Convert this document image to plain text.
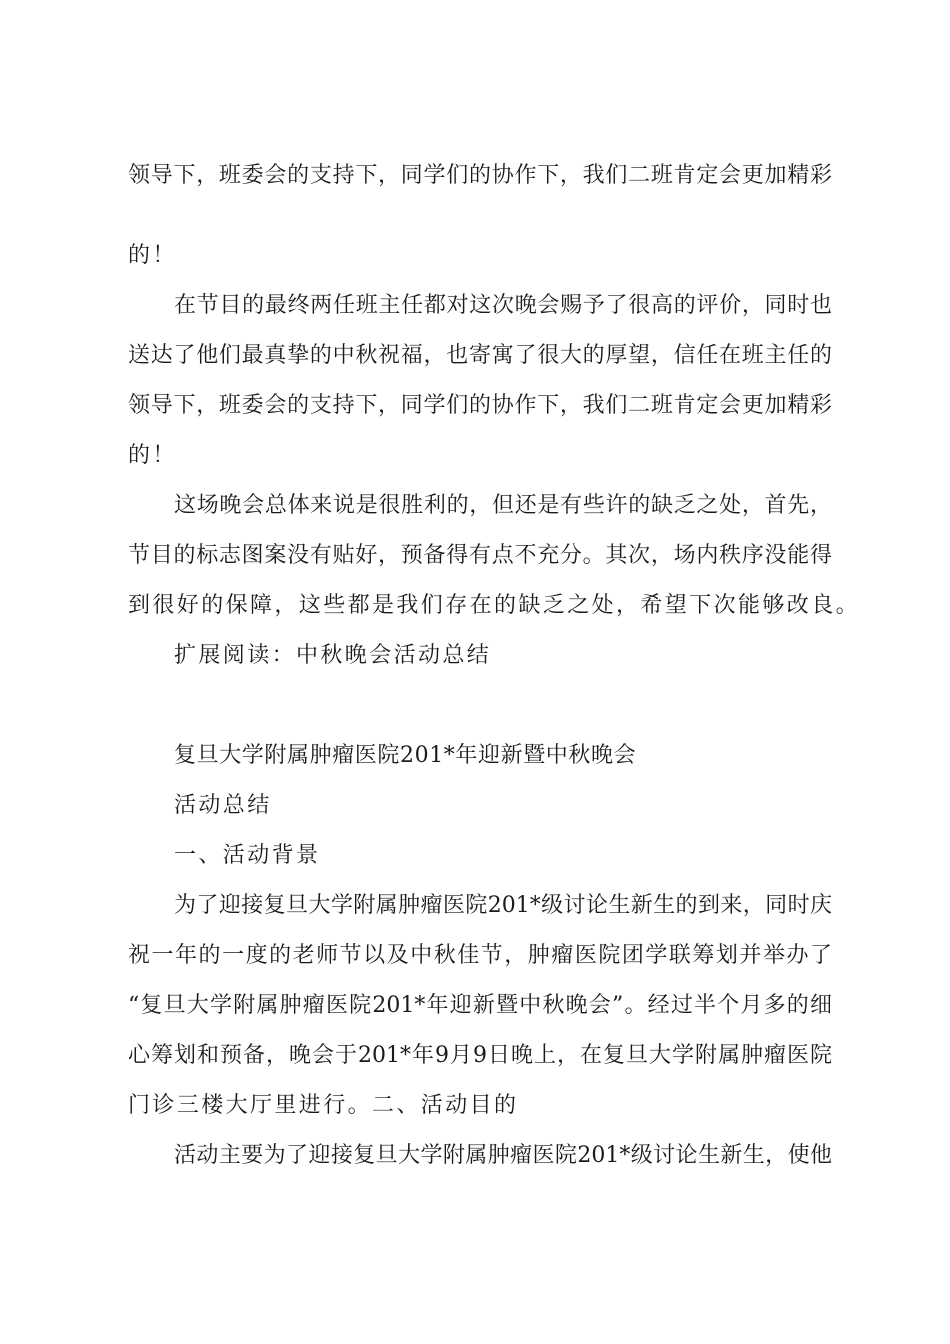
领导下，班委会的支持下，同学们的协作下，我们二班肯定会更加精彩
的！
在节目的最终两任班主任都对这次晚会赐予了很高的评价，同时也
送达了他们最真挚的中秋祝福，也寄寓了很大的厚望，信任在班主任的
领导下，班委会的支持下，同学们的协作下，我们二班肯定会更加精彩
的！
这场晚会总体来说是很胜利的，但还是有些许的缺乏之处，首先，
节目的标志图案没有贴好，预备得有点不充分。其次，场内秩序没能得
到很好的保障，这些都是我们存在的缺乏之处，希望下次能够改良。
扩展阅读：中秋晚会活动总结
复旦大学附属肿瘤医院201*年迎新暨中秋晚会
活动总结
一、活动背景
为了迎接复旦大学附属肿瘤医院201*级讨论生新生的到来，同时庆
祝一年的一度的老师节以及中秋佳节，肿瘤医院团学联筹划并举办了
“复旦大学附属肿瘤医院201*年迎新暨中秋晚会”。经过半个月多的细
心筹划和预备，晚会于201*年9月9日晚上，在复旦大学附属肿瘤医院
门诊三楼大厅里进行。二、活动目的
活动主要为了迎接复旦大学附属肿瘤医院201*级讨论生新生，使他
